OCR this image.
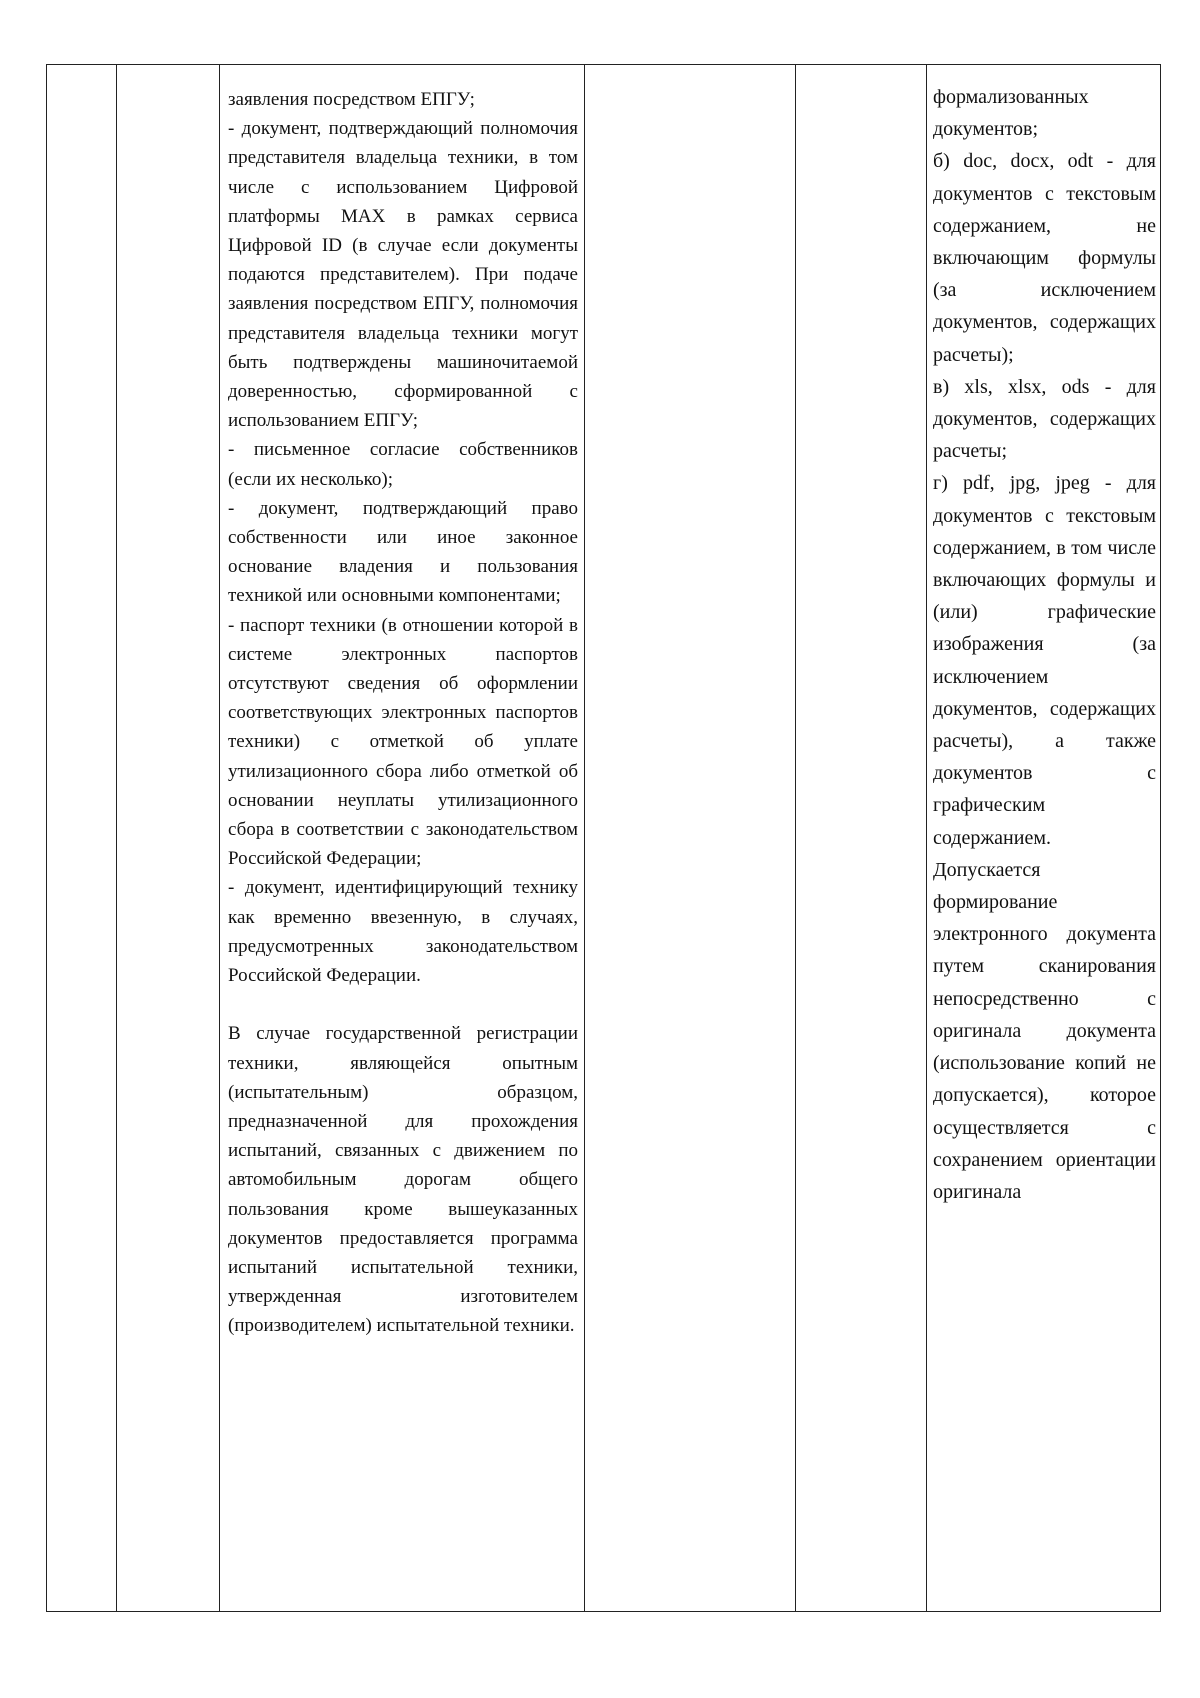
заявления посредством ЕПГУ;

- документ, подтверждающий полномочия представителя владельца техники, в том числе с использованием Цифровой платформы MAX в рамках сервиса Цифровой ID (в случае если документы подаются представителем). При подаче заявления посредством ЕПГУ, полномочия представителя владельца техники могут быть подтверждены машиночитаемой доверенностью, сформированной с использованием ЕПГУ;

- письменное согласие собственников (если их несколько);

- документ, подтверждающий право собственности или иное законное основание владения и пользования техникой или основными компонентами;

- паспорт техники (в отношении которой в системе электронных паспортов отсутствуют сведения об оформлении соответствующих электронных паспортов техники) с отметкой об уплате утилизационного сбора либо отметкой об основании неуплаты утилизационного сбора в соответствии с законодательством Российской Федерации;

- документ, идентифицирующий технику как временно ввезенную, в случаях, предусмотренных законодательством Российской Федерации.

В случае государственной регистрации техники, являющейся опытным (испытательным) образцом, предназначенной для прохождения испытаний, связанных с движением по автомобильным дорогам общего пользования кроме вышеуказанных документов предоставляется программа испытаний испытательной техники, утвержденная изготовителем (производителем) испытательной техники.

формализованных документов;

б) doc, docx, odt - для документов с текстовым содержанием, не включающим формулы (за исключением документов, содержащих расчеты);

в) xls, xlsx, ods - для документов, содержащих расчеты;

г) pdf, jpg, jpeg - для документов с текстовым содержанием, в том числе включающих формулы и (или) графические изображения (за исключением документов, содержащих расчеты), а также документов с графическим содержанием. Допускается формирование электронного документа путем сканирования непосредственно с оригинала документа (использование копий не допускается), которое осуществляется с сохранением ориентации оригинала
